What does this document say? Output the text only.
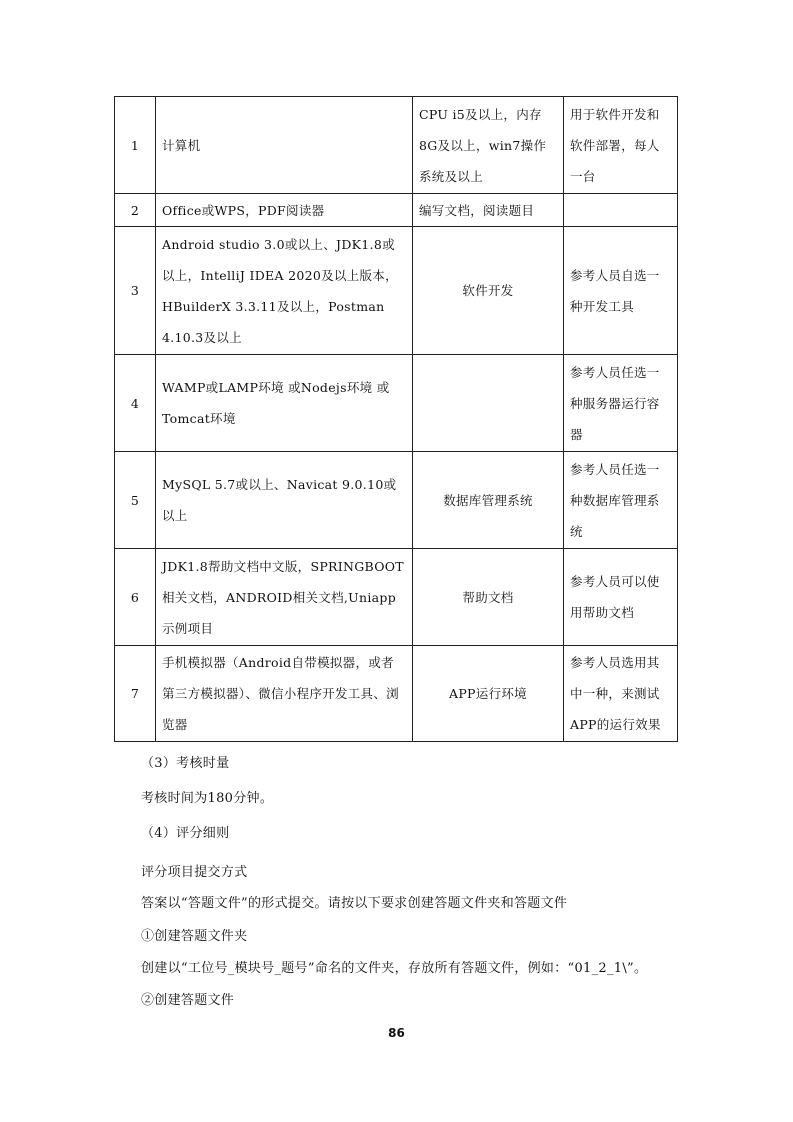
1	计算机	CPU i5及以上，内存8G及以上，win7操作系统及以上	用于软件开发和软件部署，每人一台
2	Office或WPS，PDF阅读器	编写文档，阅读题目	
3	Android studio 3.0或以上、JDK1.8或以上，IntelliJ IDEA 2020及以上版本，HBuilderX 3.3.11及以上，Postman 4.10.3及以上	软件开发	参考人员自选一种开发工具
4	WAMP或LAMP环境 或Nodejs环境 或Tomcat环境		参考人员任选一种服务器运行容器
5	MySQL 5.7或以上、Navicat 9.0.10或以上	数据库管理系统	参考人员任选一种数据库管理系统
6	JDK1.8帮助文档中文版，SPRINGBOOT相关文档，ANDROID相关文档,Uniapp示例项目	帮助文档	参考人员可以使用帮助文档
7	手机模拟器（Android自带模拟器，或者第三方模拟器）、微信小程序开发工具、浏览器	APP运行环境	参考人员选用其中一种，来测试APP的运行效果
（3）考核时量
考核时间为180分钟。
（4）评分细则
评分项目提交方式
答案以“答题文件”的形式提交。请按以下要求创建答题文件夹和答题文件
①创建答题文件夹
创建以“工位号_模块号_题号”命名的文件夹，存放所有答题文件，例如：“01_2_1\”。
②创建答题文件
86
